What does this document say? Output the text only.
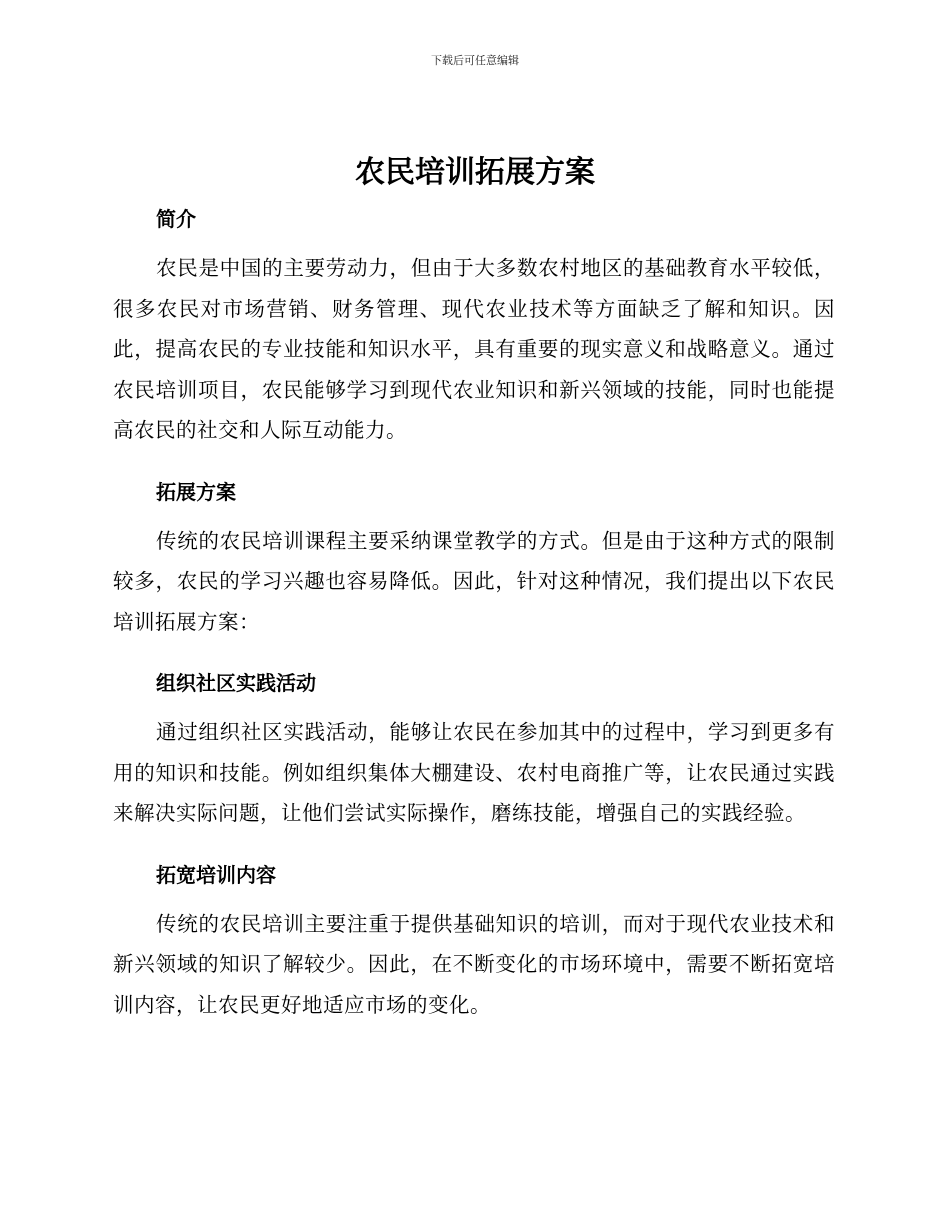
下载后可任意编辑
农民培训拓展方案
简介

农民是中国的主要劳动力，但由于大多数农村地区的基础教育水平较低，很多农民对市场营销、财务管理、现代农业技术等方面缺乏了解和知识。因此，提高农民的专业技能和知识水平，具有重要的现实意义和战略意义。通过农民培训项目，农民能够学习到现代农业知识和新兴领域的技能，同时也能提高农民的社交和人际互动能力。

拓展方案

传统的农民培训课程主要采纳课堂教学的方式。但是由于这种方式的限制较多，农民的学习兴趣也容易降低。因此，针对这种情况，我们提出以下农民培训拓展方案：

组织社区实践活动

通过组织社区实践活动，能够让农民在参加其中的过程中，学习到更多有用的知识和技能。例如组织集体大棚建设、农村电商推广等，让农民通过实践来解决实际问题，让他们尝试实际操作，磨练技能，增强自己的实践经验。

拓宽培训内容

传统的农民培训主要注重于提供基础知识的培训，而对于现代农业技术和新兴领域的知识了解较少。因此，在不断变化的市场环境中，需要不断拓宽培训内容，让农民更好地适应市场的变化。
